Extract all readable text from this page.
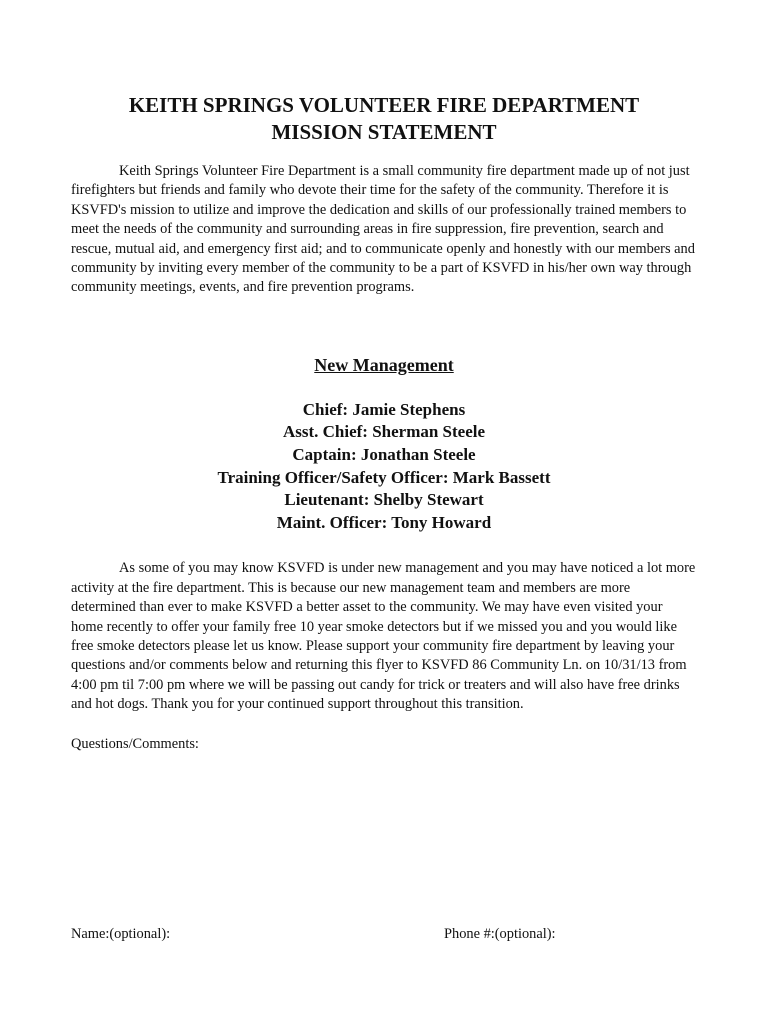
KEITH SPRINGS VOLUNTEER FIRE DEPARTMENT
MISSION STATEMENT

Keith Springs Volunteer Fire Department is a small community fire department made up of not just firefighters but friends and family who devote their time for the safety of the community. Therefore it is KSVFD's mission to utilize and improve the dedication and skills of our professionally trained members to meet the needs of the community and surrounding areas in fire suppression, fire prevention, search and rescue, mutual aid, and emergency first aid; and to communicate openly and honestly with our members and community by inviting every member of the community to be a part of KSVFD in his/her own way through community meetings, events, and fire prevention programs.

New Management
Chief: Jamie Stephens
Asst. Chief: Sherman Steele
Captain: Jonathan Steele
Training Officer/Safety Officer: Mark Bassett
Lieutenant: Shelby Stewart
Maint. Officer: Tony Howard

As some of you may know KSVFD is under new management and you may have noticed a lot more activity at the fire department. This is because our new management team and members are more determined than ever to make KSVFD a better asset to the community. We may have even visited your home recently to offer your family free 10 year smoke detectors but if we missed you and you would like free smoke detectors please let us know. Please support your community fire department by leaving your questions and/or comments below and returning this flyer to KSVFD 86 Community Ln. on 10/31/13 from 4:00 pm til 7:00 pm where we will be passing out candy for trick or treaters and will also have free drinks and hot dogs. Thank you for your continued support throughout this transition.

Questions/Comments:

Name:(optional):	Phone #:(optional):
